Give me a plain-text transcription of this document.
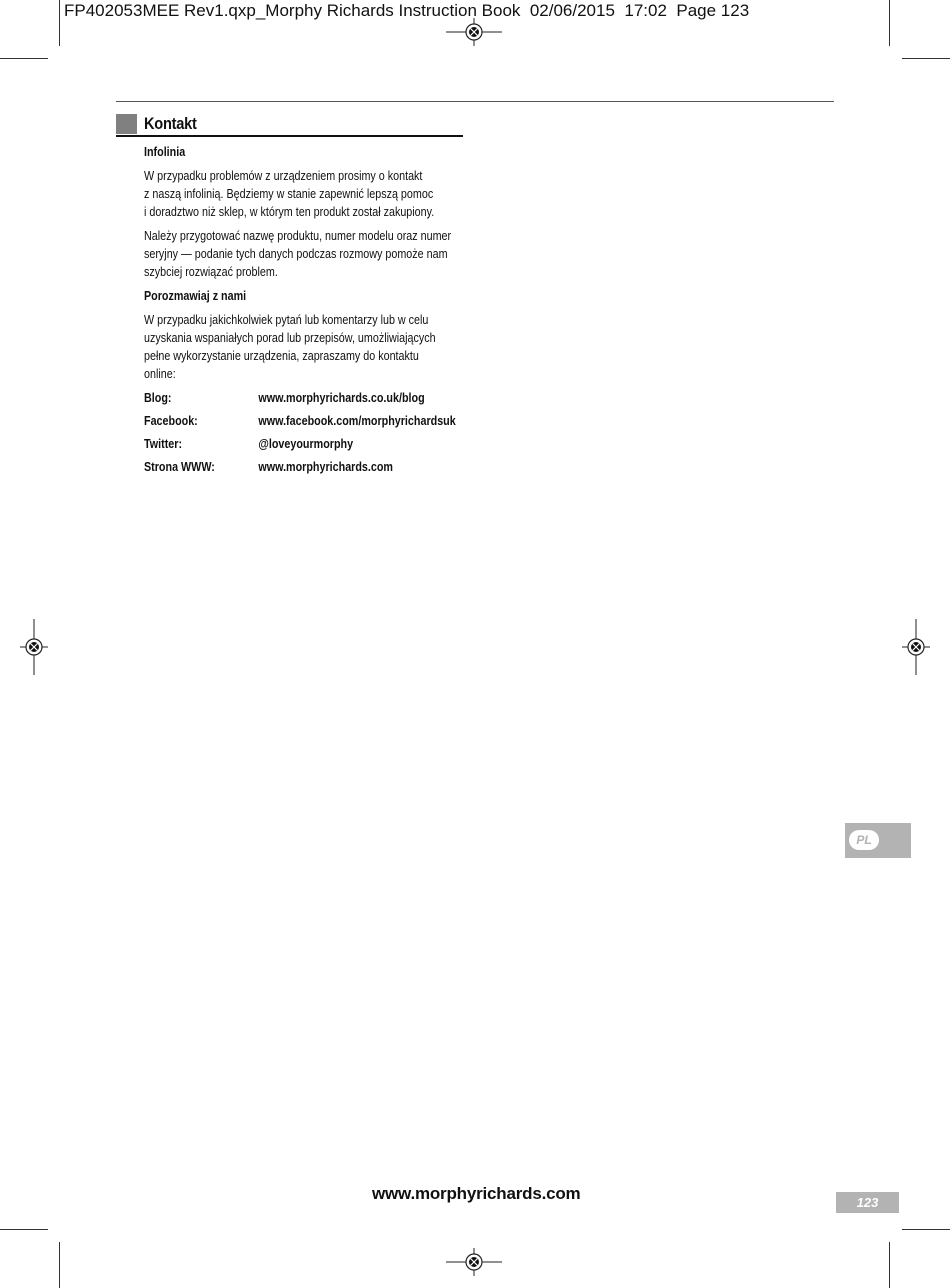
FP402053MEE Rev1.qxp_Morphy Richards Instruction Book  02/06/2015  17:02  Page 123
Kontakt
Infolinia
W przypadku problemów z urządzeniem prosimy o kontakt
z naszą infolinią. Będziemy w stanie zapewnić lepszą pomoc
i doradztwo niż sklep, w którym ten produkt został zakupiony.
Należy przygotować nazwę produktu, numer modelu oraz numer
seryjny — podanie tych danych podczas rozmowy pomoże nam
szybciej rozwiązać problem.
Porozmawiaj z nami
W przypadku jakichkolwiek pytań lub komentarzy lub w celu
uzyskania wspaniałych porad lub przepisów, umożliwiających
pełne wykorzystanie urządzenia, zapraszamy do kontaktu
online:
Blog:	www.morphyrichards.co.uk/blog
Facebook:	www.facebook.com/morphyrichardsuk
Twitter:	@loveyourmorphy
Strona WWW:	www.morphyrichards.com
PL
www.morphyrichards.com	123
